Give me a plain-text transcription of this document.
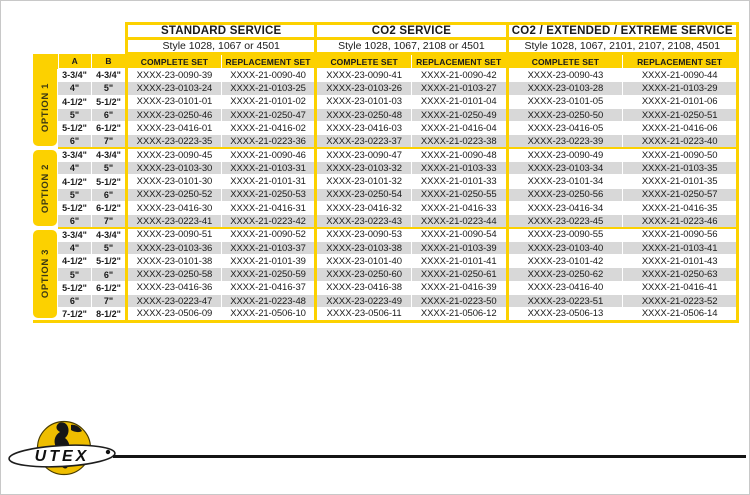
			STANDARD SERVICE		CO2 SERVICE		CO2 / EXTENDED / EXTREME SERVICE	
			Style 1028, 1067 or 4501		Style 1028, 1067, 2108 or 4501		Style 1028, 1067, 2101, 2107, 2108, 4501	
	A	B	COMPLETE SET	REPLACEMENT SET	COMPLETE SET	REPLACEMENT SET	COMPLETE SET	REPLACEMENT SET

OPTION 1	3-3/4"	4-3/4"	XXXX-23-0090-39	XXXX-21-0090-40	XXXX-23-0090-41	XXXX-21-0090-42	XXXX-23-0090-43	XXXX-21-0090-44
	4"	5"	XXXX-23-0103-24	XXXX-21-0103-25	XXXX-23-0103-26	XXXX-21-0103-27	XXXX-23-0103-28	XXXX-21-0103-29
	4-1/2"	5-1/2"	XXXX-23-0101-01	XXXX-21-0101-02	XXXX-23-0101-03	XXXX-21-0101-04	XXXX-23-0101-05	XXXX-21-0101-06
	5"	6"	XXXX-23-0250-46	XXXX-21-0250-47	XXXX-23-0250-48	XXXX-21-0250-49	XXXX-23-0250-50	XXXX-21-0250-51
	5-1/2"	6-1/2"	XXXX-23-0416-01	XXXX-21-0416-02	XXXX-23-0416-03	XXXX-21-0416-04	XXXX-23-0416-05	XXXX-21-0416-06
	6"	7"	XXXX-23-0223-35	XXXX-21-0223-36	XXXX-23-0223-37	XXXX-21-0223-38	XXXX-23-0223-39	XXXX-21-0223-40

OPTION 2	3-3/4"	4-3/4"	XXXX-23-0090-45	XXXX-21-0090-46	XXXX-23-0090-47	XXXX-21-0090-48	XXXX-23-0090-49	XXXX-21-0090-50
	4"	5"	XXXX-23-0103-30	XXXX-21-0103-31	XXXX-23-0103-32	XXXX-21-0103-33	XXXX-23-0103-34	XXXX-21-0103-35
	4-1/2"	5-1/2"	XXXX-23-0101-30	XXXX-21-0101-31	XXXX-23-0101-32	XXXX-21-0101-33	XXXX-23-0101-34	XXXX-21-0101-35
	5"	6"	XXXX-23-0250-52	XXXX-21-0250-53	XXXX-23-0250-54	XXXX-21-0250-55	XXXX-23-0250-56	XXXX-21-0250-57
	5-1/2"	6-1/2"	XXXX-23-0416-30	XXXX-21-0416-31	XXXX-23-0416-32	XXXX-21-0416-33	XXXX-23-0416-34	XXXX-21-0416-35
	6"	7"	XXXX-23-0223-41	XXXX-21-0223-42	XXXX-23-0223-43	XXXX-21-0223-44	XXXX-23-0223-45	XXXX-21-0223-46

OPTION 3	3-3/4"	4-3/4"	XXXX-23-0090-51	XXXX-21-0090-52	XXXX-23-0090-53	XXXX-21-0090-54	XXXX-23-0090-55	XXXX-21-0090-56
	4"	5"	XXXX-23-0103-36	XXXX-21-0103-37	XXXX-23-0103-38	XXXX-21-0103-39	XXXX-23-0103-40	XXXX-21-0103-41
	4-1/2"	5-1/2"	XXXX-23-0101-38	XXXX-21-0101-39	XXXX-23-0101-40	XXXX-21-0101-41	XXXX-23-0101-42	XXXX-21-0101-43
	5"	6"	XXXX-23-0250-58	XXXX-21-0250-59	XXXX-23-0250-60	XXXX-21-0250-61	XXXX-23-0250-62	XXXX-21-0250-63
	5-1/2"	6-1/2"	XXXX-23-0416-36	XXXX-21-0416-37	XXXX-23-0416-38	XXXX-21-0416-39	XXXX-23-0416-40	XXXX-21-0416-41
	6"	7"	XXXX-23-0223-47	XXXX-21-0223-48	XXXX-23-0223-49	XXXX-21-0223-50	XXXX-23-0223-51	XXXX-21-0223-52
	7-1/2"	8-1/2"	XXXX-23-0506-09	XXXX-21-0506-10	XXXX-23-0506-11	XXXX-21-0506-12	XXXX-23-0506-13	XXXX-21-0506-14
UTEX
